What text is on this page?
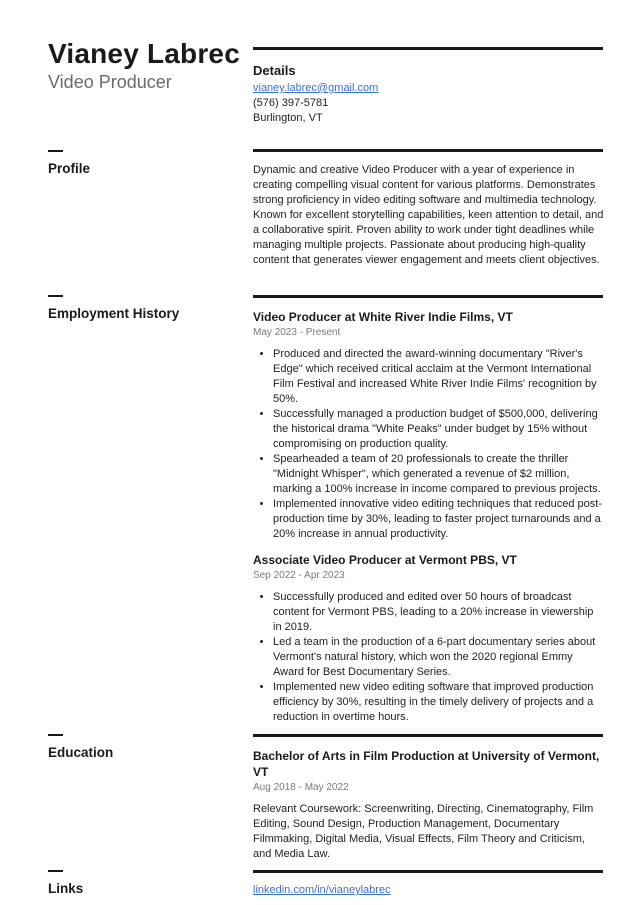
Vianey Labrec
Video Producer
Details
vianey.labrec@gmail.com
(576) 397-5781
Burlington, VT
Profile	Dynamic and creative Video Producer with a year of experience in creating compelling visual content for various platforms. Demonstrates strong proficiency in video editing software and multimedia technology. Known for excellent storytelling capabilities, keen attention to detail, and a collaborative spirit. Proven ability to work under tight deadlines while managing multiple projects. Passionate about producing high-quality content that generates viewer engagement and meets client objectives.

Employment History	Video Producer at White River Indie Films, VT
May 2023 - Present
• Produced and directed the award-winning documentary "River's Edge" which received critical acclaim at the Vermont International Film Festival and increased White River Indie Films' recognition by 50%.
• Successfully managed a production budget of $500,000, delivering the historical drama "White Peaks" under budget by 15% without compromising on production quality.
• Spearheaded a team of 20 professionals to create the thriller "Midnight Whisper", which generated a revenue of $2 million, marking a 100% increase in income compared to previous projects.
• Implemented innovative video editing techniques that reduced post-production time by 30%, leading to faster project turnarounds and a 20% increase in annual productivity.
Associate Video Producer at Vermont PBS, VT
Sep 2022 - Apr 2023
• Successfully produced and edited over 50 hours of broadcast content for Vermont PBS, leading to a 20% increase in viewership in 2019.
• Led a team in the production of a 6-part documentary series about Vermont's natural history, which won the 2020 regional Emmy Award for Best Documentary Series.
• Implemented new video editing software that improved production efficiency by 30%, resulting in the timely delivery of projects and a reduction in overtime hours.
Education	Bachelor of Arts in Film Production at University of Vermont, VT
Aug 2018 - May 2022

Relevant Coursework: Screenwriting, Directing, Cinematography, Film Editing, Sound Design, Production Management, Documentary Filmmaking, Digital Media, Visual Effects, Film Theory and Criticism, and Media Law.

Links	linkedin.com/in/vianeylabrec
